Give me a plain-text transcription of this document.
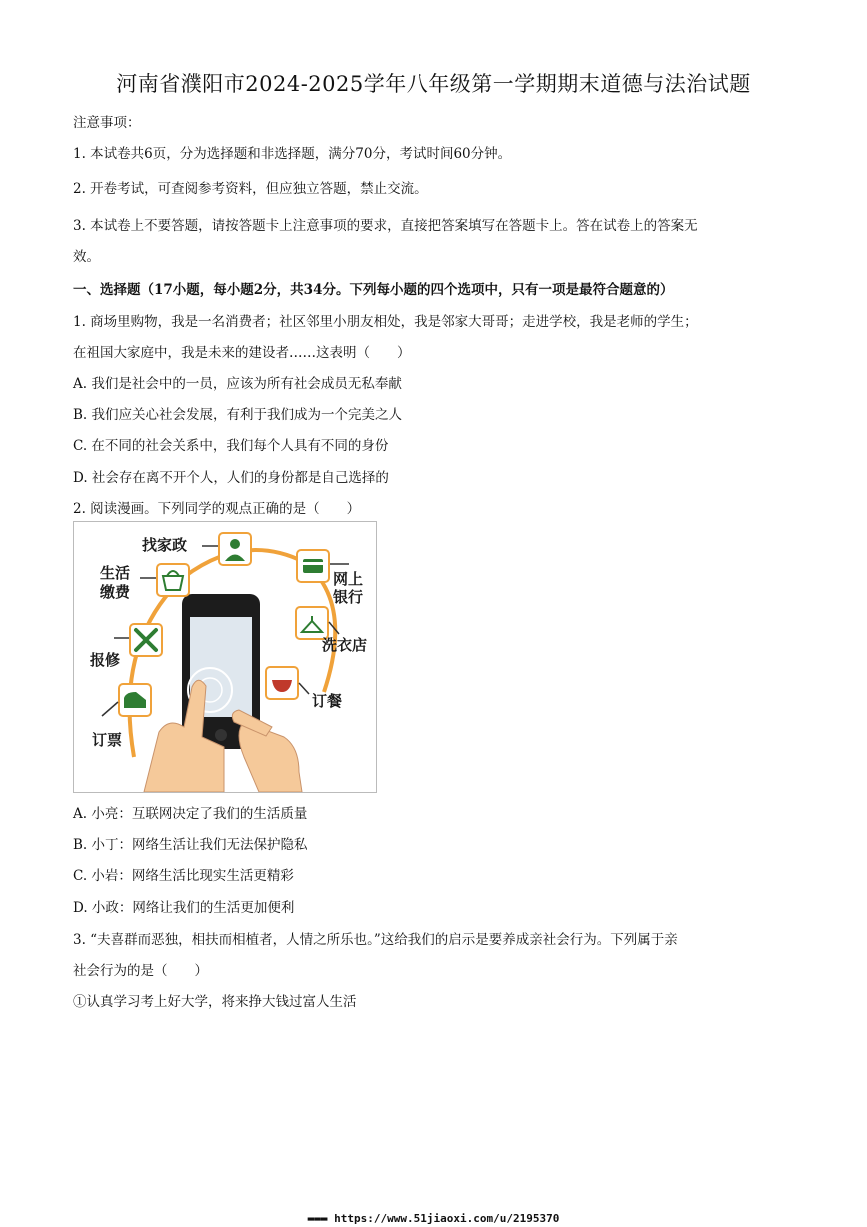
河南省濮阳市2024-2025学年八年级第一学期期末道德与法治试题
注意事项：
1. 本试卷共6页，分为选择题和非选择题，满分70分，考试时间60分钟。
2. 开卷考试，可查阅参考资料，但应独立答题，禁止交流。
3. 本试卷上不要答题，请按答题卡上注意事项的要求，直接把答案填写在答题卡上。答在试卷上的答案无
效。
一、选择题（17小题，每小题2分，共34分。下列每小题的四个选项中，只有一项是最符合题意的）
1. 商场里购物，我是一名消费者；社区邻里小朋友相处，我是邻家大哥哥；走进学校，我是老师的学生；
在祖国大家庭中，我是未来的建设者……这表明（　　）
A. 我们是社会中的一员，应该为所有社会成员无私奉献
B. 我们应关心社会发展，有利于我们成为一个完美之人
C. 在不同的社会关系中，我们每个人具有不同的身份
D. 社会存在离不开个人，人们的身份都是自己选择的
2. 阅读漫画。下列同学的观点正确的是（　　）
找家政
生活
缴费
网上
银行
报修
洗衣店
订餐
订票
A. 小亮：互联网决定了我们的生活质量
B. 小丁：网络生活让我们无法保护隐私
C. 小岩：网络生活比现实生活更精彩
D. 小政：网络让我们的生活更加便利
3. “夫喜群而恶独，相扶而相植者，人情之所乐也。”这给我们的启示是要养成亲社会行为。下列属于亲
社会行为的是（　　）
①认真学习考上好大学，将来挣大钱过富人生活
▬▬▬ https://www.51jiaoxi.com/u/2195370
